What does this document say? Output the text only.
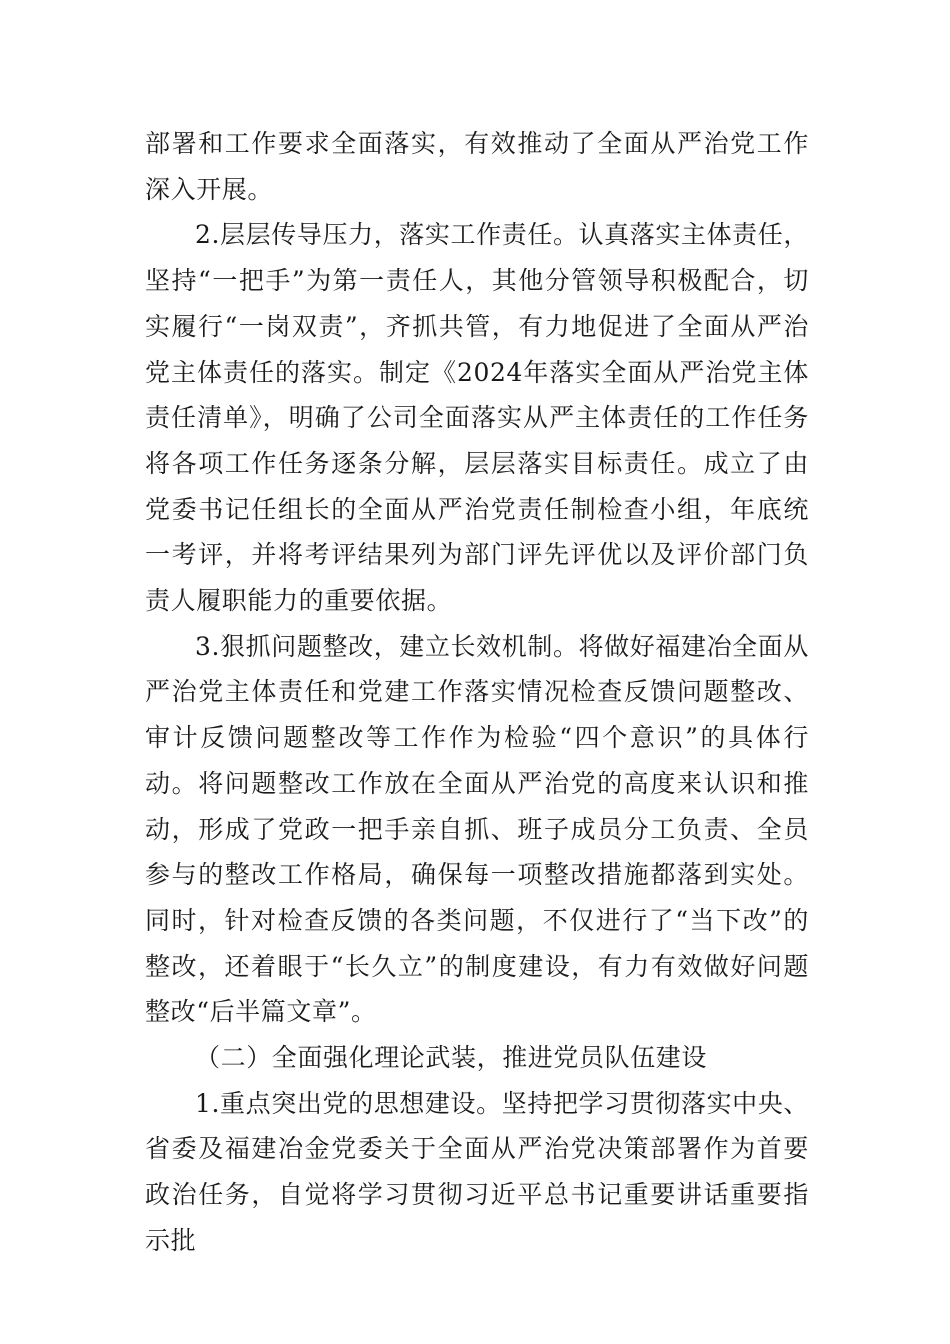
部署和工作要求全面落实，有效推动了全面从严治党工作深入开展。

2.层层传导压力，落实工作责任。认真落实主体责任，坚持“一把手”为第一责任人，其他分管领导积极配合，切实履行“一岗双责”，齐抓共管，有力地促进了全面从严治党主体责任的落实。制定《2024年落实全面从严治党主体责任清单》，明确了公司全面落实从严主体责任的工作任务将各项工作任务逐条分解，层层落实目标责任。成立了由党委书记任组长的全面从严治党责任制检查小组，年底统一考评，并将考评结果列为部门评先评优以及评价部门负责人履职能力的重要依据。

3.狠抓问题整改，建立长效机制。将做好福建冶全面从严治党主体责任和党建工作落实情况检查反馈问题整改、审计反馈问题整改等工作作为检验“四个意识”的具体行动。将问题整改工作放在全面从严治党的高度来认识和推动，形成了党政一把手亲自抓、班子成员分工负责、全员参与的整改工作格局，确保每一项整改措施都落到实处。同时，针对检查反馈的各类问题，不仅进行了“当下改”的整改，还着眼于“长久立”的制度建设，有力有效做好问题整改“后半篇文章”。

（二）全面强化理论武装，推进党员队伍建设

1.重点突出党的思想建设。坚持把学习贯彻落实中央、省委及福建冶金党委关于全面从严治党决策部署作为首要政治任务，自觉将学习贯彻习近平总书记重要讲话重要指示批
